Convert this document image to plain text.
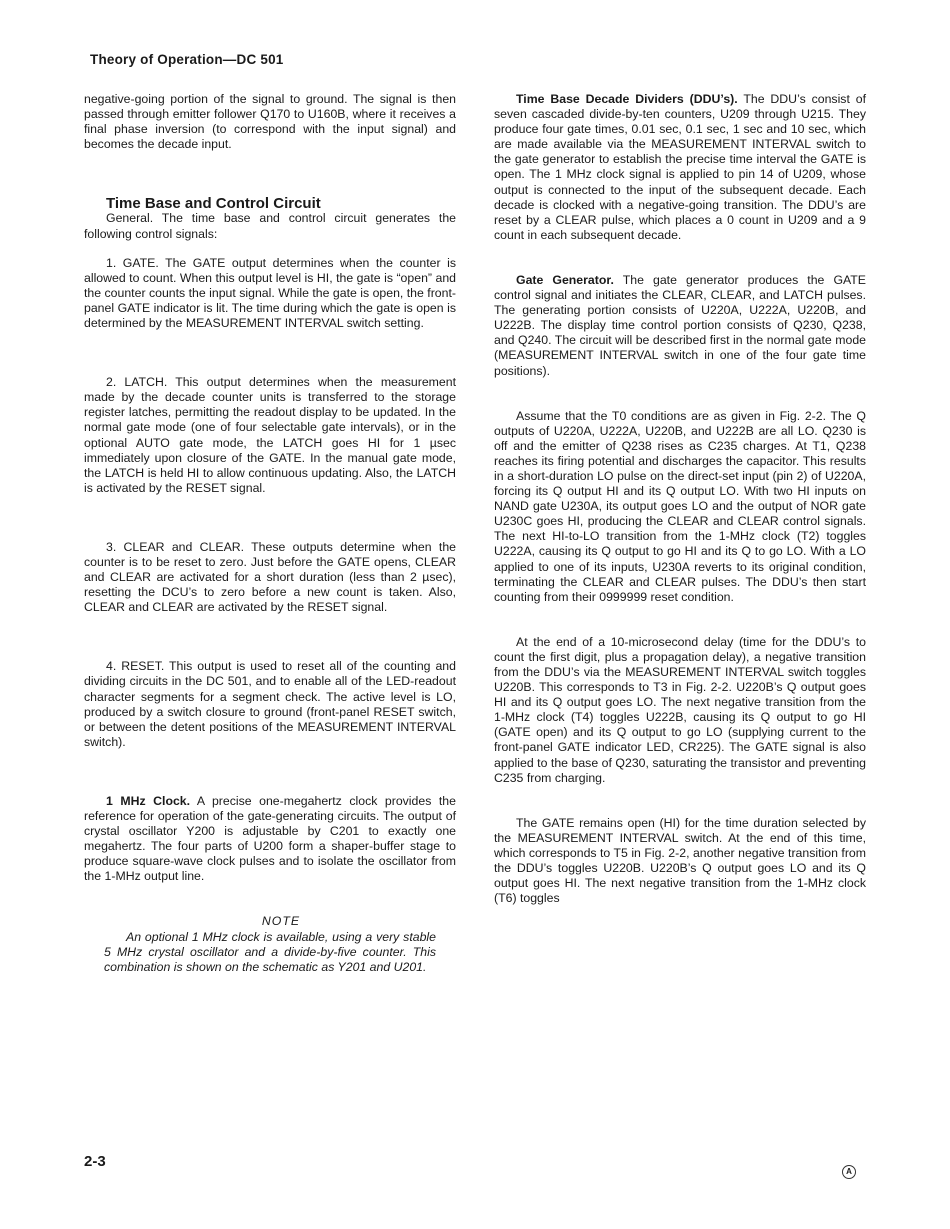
Theory of Operation—DC 501

negative-going portion of the signal to ground. The signal is then passed through emitter follower Q170 to U160B, where it receives a final phase inversion (to correspond with the input signal) and becomes the decade input.

Time Base and Control Circuit

General. The time base and control circuit generates the following control signals:

1. GATE. The GATE output determines when the counter is allowed to count. When this output level is HI, the gate is “open” and the counter counts the input signal. While the gate is open, the front-panel GATE indicator is lit. The time during which the gate is open is determined by the MEASUREMENT INTERVAL switch setting.

2. LATCH. This output determines when the measurement made by the decade counter units is transferred to the storage register latches, permitting the readout display to be updated. In the normal gate mode (one of four selectable gate intervals), or in the optional AUTO gate mode, the LATCH goes HI for 1 µsec immediately upon closure of the GATE. In the manual gate mode, the LATCH is held HI to allow continuous updating. Also, the LATCH is activated by the RESET signal.

3. CLEAR and CLEAR. These outputs determine when the counter is to be reset to zero. Just before the GATE opens, CLEAR and CLEAR are activated for a short duration (less than 2 µsec), resetting the DCU’s to zero before a new count is taken. Also, CLEAR and CLEAR are activated by the RESET signal.

4. RESET. This output is used to reset all of the counting and dividing circuits in the DC 501, and to enable all of the LED-readout character segments for a segment check. The active level is LO, produced by a switch closure to ground (front-panel RESET switch, or between the detent positions of the MEASUREMENT INTERVAL switch).

1 MHz Clock. A precise one-megahertz clock provides the reference for operation of the gate-generating circuits. The output of crystal oscillator Y200 is adjustable by C201 to exactly one megahertz. The four parts of U200 form a shaper-buffer stage to produce square-wave clock pulses and to isolate the oscillator from the 1-MHz output line.

NOTE

An optional 1 MHz clock is available, using a very stable 5 MHz crystal oscillator and a divide-by-five counter. This combination is shown on the schematic as Y201 and U201.

Time Base Decade Dividers (DDU’s). The DDU’s consist of seven cascaded divide-by-ten counters, U209 through U215. They produce four gate times, 0.01 sec, 0.1 sec, 1 sec and 10 sec, which are made available via the MEASUREMENT INTERVAL switch to the gate generator to establish the precise time interval the GATE is open. The 1 MHz clock signal is applied to pin 14 of U209, whose output is connected to the input of the subsequent decade. Each decade is clocked with a negative-going transition. The DDU’s are reset by a CLEAR pulse, which places a 0 count in U209 and a 9 count in each subsequent decade.

Gate Generator. The gate generator produces the GATE control signal and initiates the CLEAR, CLEAR, and LATCH pulses. The generating portion consists of U220A, U222A, U220B, and U222B. The display time control portion consists of Q230, Q238, and Q240. The circuit will be described first in the normal gate mode (MEASUREMENT INTERVAL switch in one of the four gate time positions).

Assume that the T0 conditions are as given in Fig. 2-2. The Q outputs of U220A, U222A, U220B, and U222B are all LO. Q230 is off and the emitter of Q238 rises as C235 charges. At T1, Q238 reaches its firing potential and discharges the capacitor. This results in a short-duration LO pulse on the direct-set input (pin 2) of U220A, forcing its Q output HI and its Q output LO. With two HI inputs on NAND gate U230A, its output goes LO and the output of NOR gate U230C goes HI, producing the CLEAR and CLEAR control signals. The next HI-to-LO transition from the 1-MHz clock (T2) toggles U222A, causing its Q output to go HI and its Q to go LO. With a LO applied to one of its inputs, U230A reverts to its original condition, terminating the CLEAR and CLEAR pulses. The DDU’s then start counting from their 0999999 reset condition.

At the end of a 10-microsecond delay (time for the DDU’s to count the first digit, plus a propagation delay), a negative transition from the DDU’s via the MEASUREMENT INTERVAL switch toggles U220B. This corresponds to T3 in Fig. 2-2. U220B’s Q output goes HI and its Q output goes LO. The next negative transition from the 1-MHz clock (T4) toggles U222B, causing its Q output to go HI (GATE open) and its Q output to go LO (supplying current to the front-panel GATE indicator LED, CR225). The GATE signal is also applied to the base of Q230, saturating the transistor and preventing C235 from charging.

The GATE remains open (HI) for the time duration selected by the MEASUREMENT INTERVAL switch. At the end of this time, which corresponds to T5 in Fig. 2-2, another negative transition from the DDU’s toggles U220B. U220B’s Q output goes LO and its Q output goes HI. The next negative transition from the 1-MHz clock (T6) toggles

2-3
A
